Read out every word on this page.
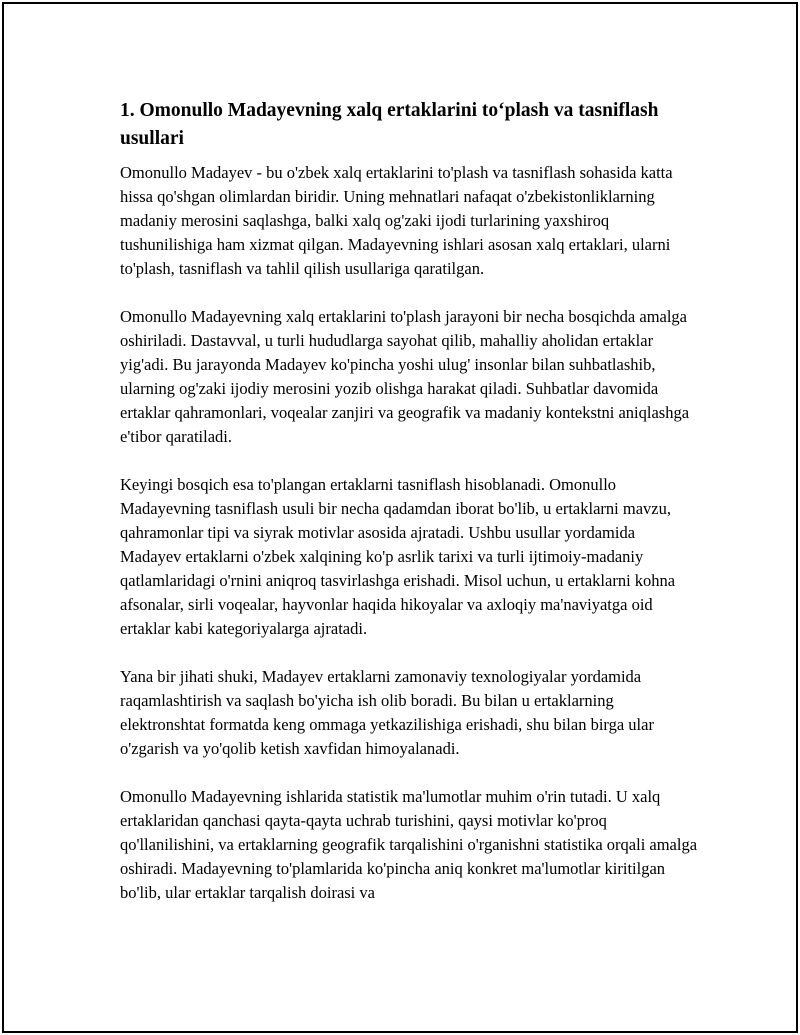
1. Omonullo Madayevning xalq ertaklarini to‘plash va tasniflash usullari

Omonullo Madayev - bu o'zbek xalq ertaklarini to'plash va tasniflash sohasida katta hissa qo'shgan olimlardan biridir. Uning mehnatlari nafaqat o'zbekistonliklarning madaniy merosini saqlashga, balki xalq og'zaki ijodi turlarining yaxshiroq tushunilishiga ham xizmat qilgan. Madayevning ishlari asosan xalq ertaklari, ularni to'plash, tasniflash va tahlil qilish usullariga qaratilgan.

Omonullo Madayevning xalq ertaklarini to'plash jarayoni bir necha bosqichda amalga oshiriladi. Dastavval, u turli hududlarga sayohat qilib, mahalliy aholidan ertaklar yig'adi. Bu jarayonda Madayev ko'pincha yoshi ulug' insonlar bilan suhbatlashib, ularning og'zaki ijodiy merosini yozib olishga harakat qiladi. Suhbatlar davomida ertaklar qahramonlari, voqealar zanjiri va geografik va madaniy kontekstni aniqlashga e'tibor qaratiladi.

Keyingi bosqich esa to'plangan ertaklarni tasniflash hisoblanadi. Omonullo Madayevning tasniflash usuli bir necha qadamdan iborat bo'lib, u ertaklarni mavzu, qahramonlar tipi va siyrak motivlar asosida ajratadi. Ushbu usullar yordamida Madayev ertaklarni o'zbek xalqining ko'p asrlik tarixi va turli ijtimoiy-madaniy qatlamlaridagi o'rnini aniqroq tasvirlashga erishadi. Misol uchun, u ertaklarni kohna afsonalar, sirli voqealar, hayvonlar haqida hikoyalar va axloqiy ma'naviyatga oid ertaklar kabi kategoriyalarga ajratadi.

Yana bir jihati shuki, Madayev ertaklarni zamonaviy texnologiyalar yordamida raqamlashtirish va saqlash bo'yicha ish olib boradi. Bu bilan u ertaklarning elektronshtat formatda keng ommaga yetkazilishiga erishadi, shu bilan birga ular o'zgarish va yo'qolib ketish xavfidan himoyalanadi.

Omonullo Madayevning ishlarida statistik ma'lumotlar muhim o'rin tutadi. U xalq ertaklaridan qanchasi qayta-qayta uchrab turishini, qaysi motivlar ko'proq qo'llanilishini, va ertaklarning geografik tarqalishini o'rganishni statistika orqali amalga oshiradi. Madayevning to'plamlarida ko'pincha aniq konkret ma'lumotlar kiritilgan bo'lib, ular ertaklar tarqalish doirasi va
